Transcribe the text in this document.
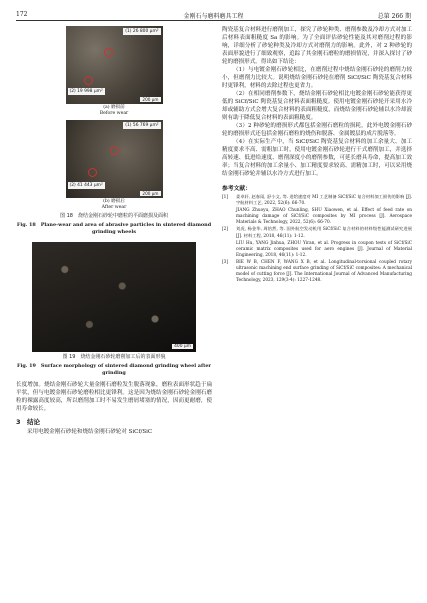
172	金刚石与磨料磨具工程	总第 266 期
(1) 26 800 μm²
(2) 19 998 μm²
200 μm
(a) 磨损前
Before wear
(1) 56 769 μm²
(2) 41 443 μm²
200 μm
(b) 磨损后
After wear
图 18　烧结金刚石砂轮中磨粒的平面磨损及面积
Fig. 18　Plane-wear and area of abrasive particles in sintered diamond grinding wheels
400 μm
图 19　烧结金刚石砂轮磨削加工后的表面形貌
Fig. 19　Surface morphology of sintered diamond grinding wheel after grinding

长度增加。烧结金刚石砂轮大量金刚石磨粒发生脱落现象，磨粒表面形状趋于扁平状，但与电镀金刚石砂轮磨粒相比更锋利。这是因为烧结金刚石砂轮金刚石磨粒的裸露高度较高，所以磨削加工时不易发生磨屑堵塞的情况，因而更耐磨，使用寿命较长。

3　结论

采用电镀金刚石砂轮和烧结金刚石砂轮对 SiCf/SiC

陶瓷基复合材料进行磨削加工，探究了砂轮种类、磨削参数及冷却方式对加工后材料表面粗糙度 Sa 的影响。为了全面评估砂轮性能及其对磨削过程的影响，详细分析了砂轮种类及冷却方式对磨削力的影响。此外，对 2 种砂轮的表面形貌进行了细致观察，追踪了其金刚石磨粒的磨损情况，并深入探讨了砂轮的磨损形式。得出如下结论：

（1）与电镀金刚石砂轮相比，在磨削过程中烧结金刚石砂轮的磨削力较小，但磨削力比较大。说明烧结金刚石砂轮在磨削 SiCf/SiC 陶瓷基复合材料时更锋利，材料的去除过程也更省力。

（2）在相同磨削参数下，烧结金刚石砂轮相比电镀金刚石砂轮能获得更低的 SiCf/SiC 陶瓷基复合材料表面粗糙度。使用电镀金刚石砂轮开采用水冷却或辅助方式会增大复合材料的表面粗糙度，而烧结金刚石砂轮辅以水冷却液则有助于降低复合材料的表面粗糙度。

（3）2 种砂轮的磨损形式都包括金刚石磨粒的损耗，此外电镀金刚石砂轮的磨损形式还包括金刚石磨粒的烧伤和脱落、金属镀层的成片脱落等。

（4）在实际生产中，当 SiCf/SiC 陶瓷基复合材料的加工余量大、加工精度要求不高、需粗加工时，使用电镀金刚石砂轮进行干式磨削加工，并选择高转速、低进给速度、磨削深度小的磨削参数，可延长磨具寿命，提高加工效率；当复合材料的加工余量小、加工精度要求较高、需精加工时，可以采用烧结金刚石砂轮并辅以水冷方式进行加工。

参考文献：
[1]	姜卓轩, 赵春雨, 舒小文, 等. 进给速度对 MI 工艺制备 SiCf/SiC 复合材料加工损伤的影响 [J]. 宇航材料工艺, 2022, 52(6): 66-70.
JIANG Zhuoyu, ZHAO Chunling, SHU Xiaowen, et al. Effect of feed rate on machining damage of SiCf/SiC composites by MI process [J]. Aerospace Materials & Technology, 2022, 52(6): 66-70.
[2]	刘虎, 杨金华, 周怡然, 等. 国外航空发动机用 SiCf/SiC 复合材料的材料级性能测试研究进展 [J]. 材料工程, 2018, 46(11): 1-12.
LIU Hu, YANG Jinhua, ZHOU Yiran, et al. Progress in coupon tests of SiCf/SiC ceramic matrix composites used for aero engines [J]. Journal of Material Engineering, 2018, 46(11): 1-12.
[3]	BIE W B, CHEN F, WANG X B, et al. Longitudinal-torsional coupled rotary ultrasonic machining end surface grinding of SiCf/SiC composites: A mechanical model of cutting force [J]. The International Journal of Advanced Manufacturing Technology, 2023, 129(3-4): 1227-1248.
